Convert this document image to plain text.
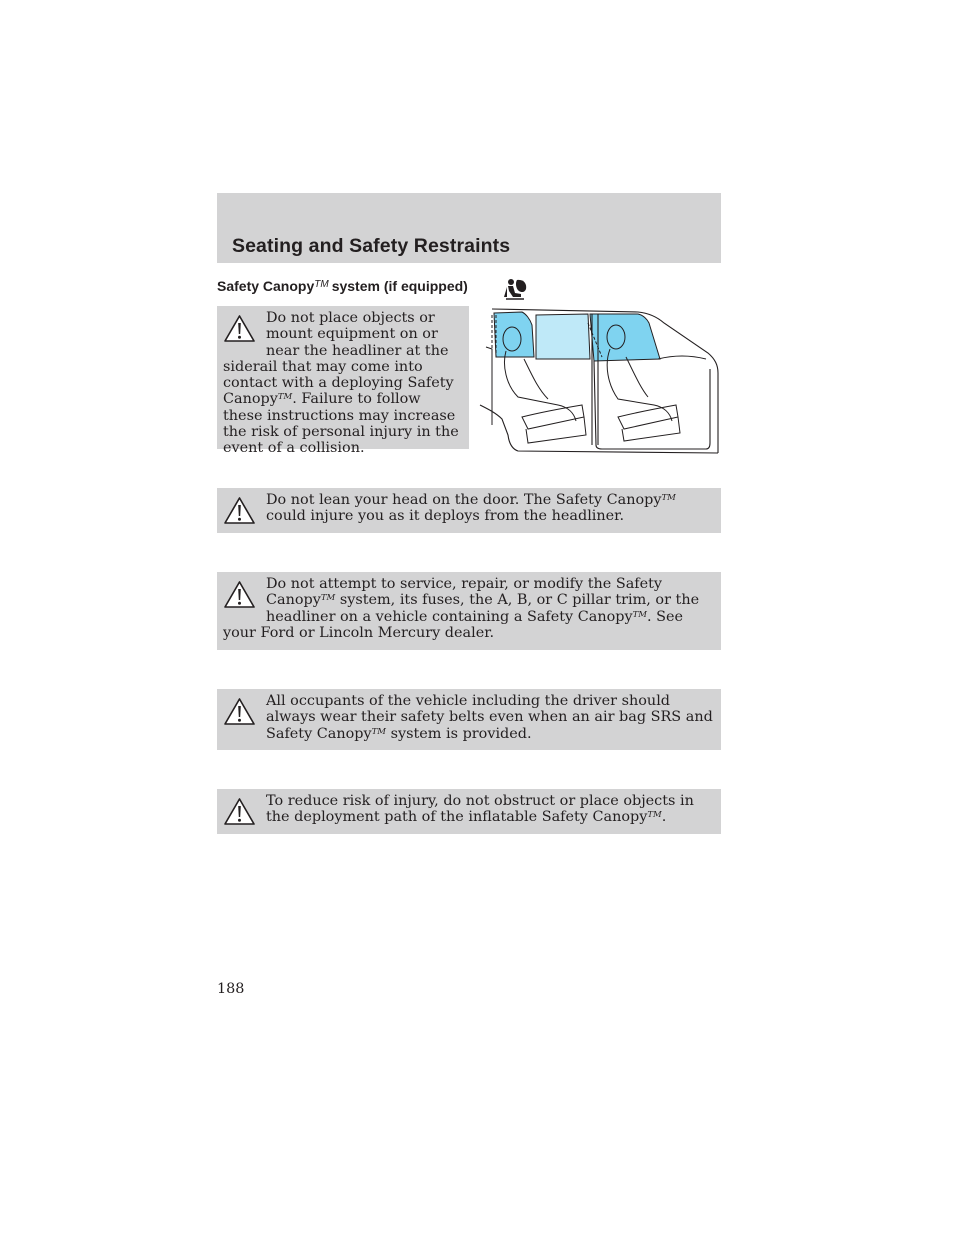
Seating and Safety Restraints
Safety Canopy™ system (if equipped)
Do not place objects or mount equipment on or near the headliner at the siderail that may come into contact with a deploying Safety Canopy™. Failure to follow these instructions may increase the risk of personal injury in the event of a collision.
Do not lean your head on the door. The Safety Canopy™ could injure you as it deploys from the headliner.
Do not attempt to service, repair, or modify the Safety Canopy™ system, its fuses, the A, B, or C pillar trim, or the headliner on a vehicle containing a Safety Canopy™. See your Ford or Lincoln Mercury dealer.
All occupants of the vehicle including the driver should always wear their safety belts even when an air bag SRS and Safety Canopy™ system is provided.
To reduce risk of injury, do not obstruct or place objects in the deployment path of the inflatable Safety Canopy™.
188
